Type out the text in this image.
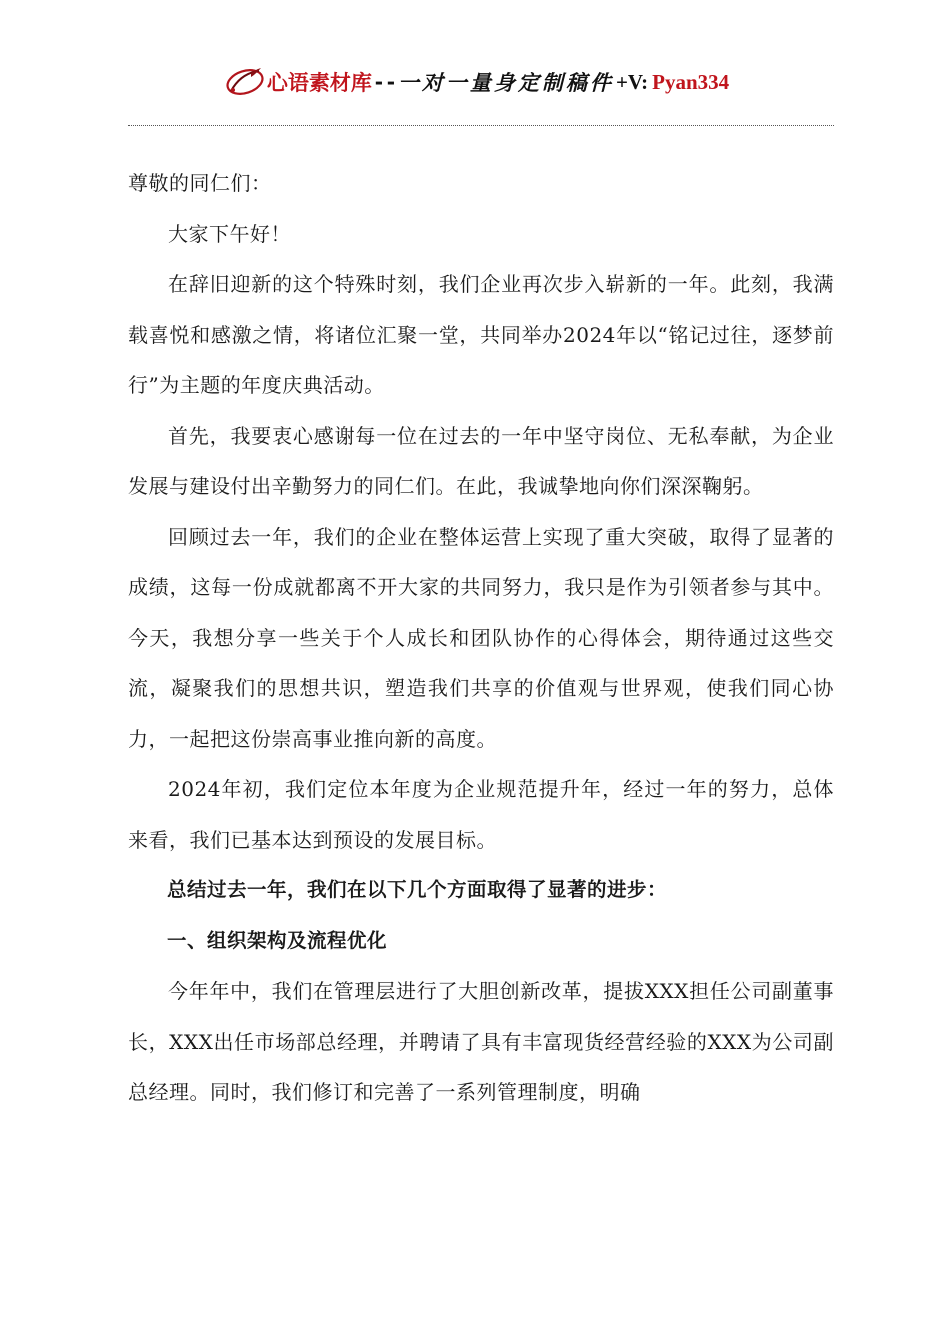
心语素材库 -- 一对一量身定制稿件 +V: Pyan334

尊敬的同仁们：

大家下午好！

在辞旧迎新的这个特殊时刻，我们企业再次步入崭新的一年。此刻，我满载喜悦和感激之情，将诸位汇聚一堂，共同举办2024年以“铭记过往，逐梦前行”为主题的年度庆典活动。

首先，我要衷心感谢每一位在过去的一年中坚守岗位、无私奉献，为企业发展与建设付出辛勤努力的同仁们。在此，我诚挚地向你们深深鞠躬。

回顾过去一年，我们的企业在整体运营上实现了重大突破，取得了显著的成绩，这每一份成就都离不开大家的共同努力，我只是作为引领者参与其中。今天，我想分享一些关于个人成长和团队协作的心得体会，期待通过这些交流，凝聚我们的思想共识，塑造我们共享的价值观与世界观，使我们同心协力，一起把这份崇高事业推向新的高度。

2024年初，我们定位本年度为企业规范提升年，经过一年的努力，总体来看，我们已基本达到预设的发展目标。

总结过去一年，我们在以下几个方面取得了显著的进步：

一、组织架构及流程优化

今年年中，我们在管理层进行了大胆创新改革，提拔XXX担任公司副董事长，XXX出任市场部总经理，并聘请了具有丰富现货经营经验的XXX为公司副总经理。同时，我们修订和完善了一系列管理制度，明确
